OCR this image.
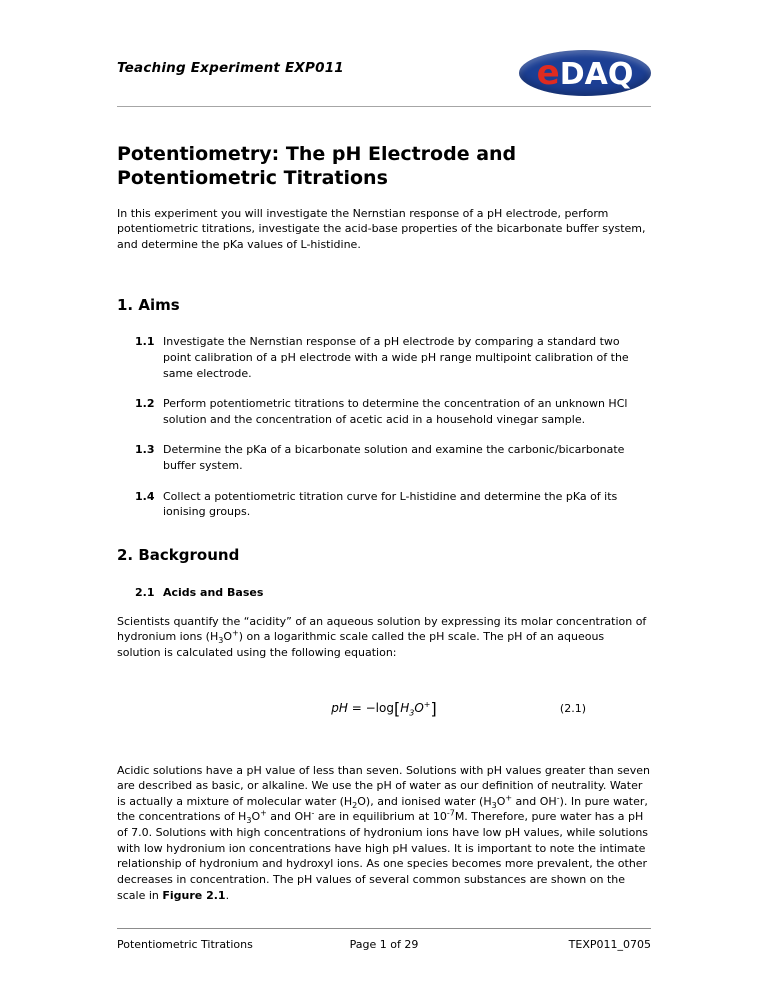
Teaching Experiment EXP011	eDAQ
Potentiometry: The pH Electrode and Potentiometric Titrations

In this experiment you will investigate the Nernstian response of a pH electrode, perform potentiometric titrations, investigate the acid-base properties of the bicarbonate buffer system, and determine the pKa values of L-histidine.

1. Aims
1.1 Investigate the Nernstian response of a pH electrode by comparing a standard two point calibration of a pH electrode with a wide pH range multipoint calibration of the same electrode.
1.2 Perform potentiometric titrations to determine the concentration of an unknown HCl solution and the concentration of acetic acid in a household vinegar sample.
1.3 Determine the pKa of a bicarbonate solution and examine the carbonic/bicarbonate buffer system.
1.4 Collect a potentiometric titration curve for L-histidine and determine the pKa of its ionising groups.
2. Background
2.1 Acids and Bases

Scientists quantify the “acidity” of an aqueous solution by expressing its molar concentration of hydronium ions $(H_3O^+)$ on a logarithmic scale called the pH scale. The pH of an aqueous solution is calculated using the following equation:

pH = $-\log[H_3O^+]$	(2.1)

Acidic solutions have a pH value of less than seven. Solutions with pH values greater than seven are described as basic, or alkaline. We use the pH of water as our definition of neutrality. Water is actually a mixture of molecular water $(H_2O)$, and ionised water ($H_3O^+$ and OH-). In pure water, the concentrations of $H_3O^+$ and OH- are in equilibrium at $10^{-7}M$. Therefore, pure water has a pH of 7.0. Solutions with high concentrations of hydronium ions have low pH values, while solutions with low hydronium ion concentrations have high pH values. It is important to note the intimate relationship of hydronium and hydroxyl ions. As one species becomes more prevalent, the other decreases in concentration. The pH values of several common substances are shown on the scale in Figure 2.1.

Potentiometric Titrations	Page 1 of 29	TEXP011_0705
